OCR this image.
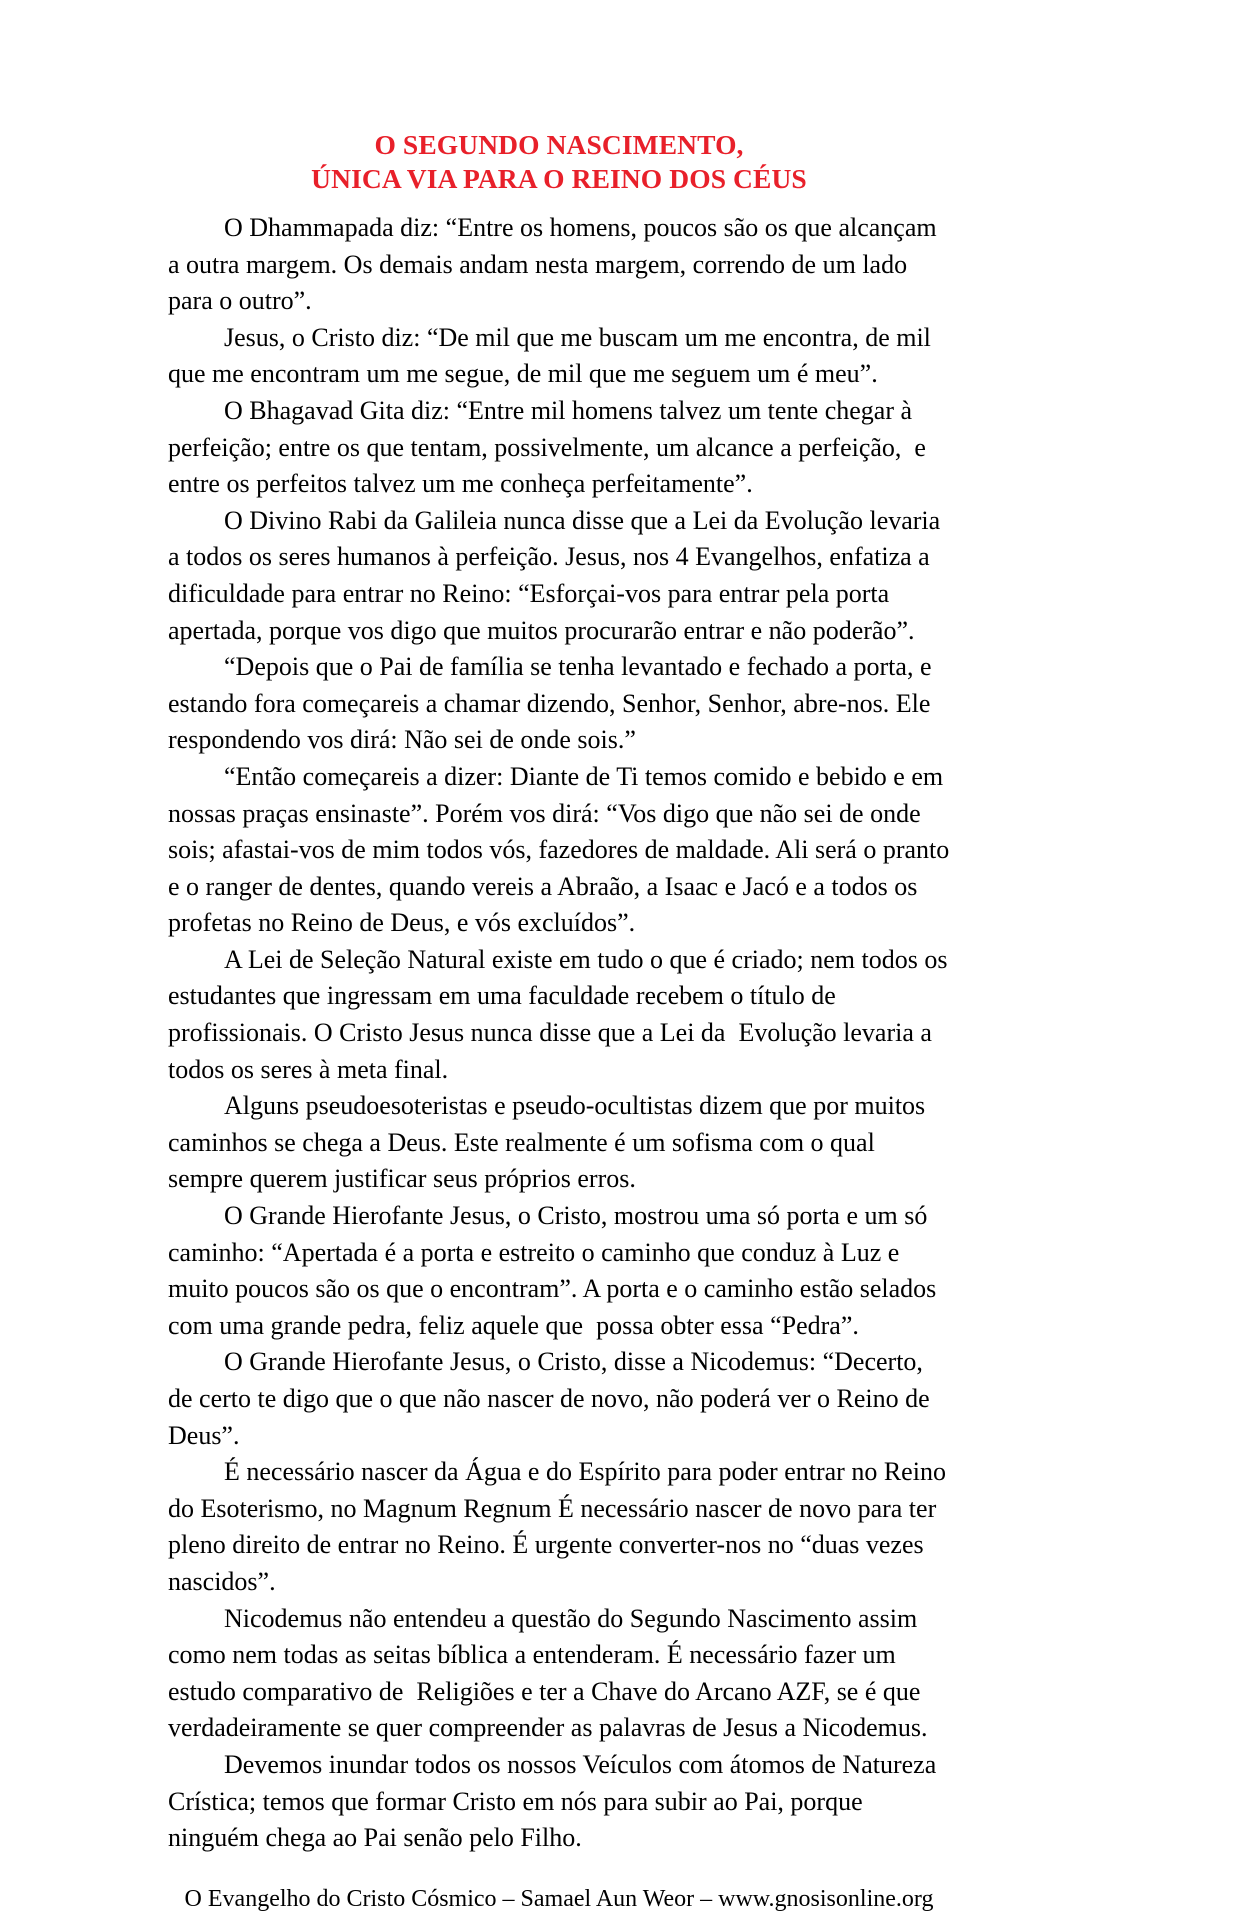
O SEGUNDO NASCIMENTO,
ÚNICA VIA PARA O REINO DOS CÉUS

O Dhammapada diz: “Entre os homens, poucos são os que alcançam a outra margem. Os demais andam nesta margem, correndo de um lado para o outro”.

Jesus, o Cristo diz: “De mil que me buscam um me encontra, de mil que me encontram um me segue, de mil que me seguem um é meu”.

O Bhagavad Gita diz: “Entre mil homens talvez um tente chegar à perfeição; entre os que tentam, possivelmente, um alcance a perfeição,  e entre os perfeitos talvez um me conheça perfeitamente”.

O Divino Rabi da Galileia nunca disse que a Lei da Evolução levaria a todos os seres humanos à perfeição. Jesus, nos 4 Evangelhos, enfatiza a dificuldade para entrar no Reino: “Esforçai-vos para entrar pela porta apertada, porque vos digo que muitos procurarão entrar e não poderão”.

“Depois que o Pai de família se tenha levantado e fechado a porta, e estando fora começareis a chamar dizendo, Senhor, Senhor, abre-nos. Ele respondendo vos dirá: Não sei de onde sois.”

“Então começareis a dizer: Diante de Ti temos comido e bebido e em nossas praças ensinaste”. Porém vos dirá: “Vos digo que não sei de onde sois; afastai-vos de mim todos vós, fazedores de maldade. Ali será o pranto e o ranger de dentes, quando vereis a Abraão, a Isaac e Jacó e a todos os profetas no Reino de Deus, e vós excluídos”.

A Lei de Seleção Natural existe em tudo o que é criado; nem todos os estudantes que ingressam em uma faculdade recebem o título de profissionais. O Cristo Jesus nunca disse que a Lei da  Evolução levaria a todos os seres à meta final.

Alguns pseudoesoteristas e pseudo-ocultistas dizem que por muitos caminhos se chega a Deus. Este realmente é um sofisma com o qual sempre querem justificar seus próprios erros.

O Grande Hierofante Jesus, o Cristo, mostrou uma só porta e um só caminho: “Apertada é a porta e estreito o caminho que conduz à Luz e muito poucos são os que o encontram”. A porta e o caminho estão selados com uma grande pedra, feliz aquele que  possa obter essa “Pedra”.

O Grande Hierofante Jesus, o Cristo, disse a Nicodemus: “Decerto, de certo te digo que o que não nascer de novo, não poderá ver o Reino de Deus”.

É necessário nascer da Água e do Espírito para poder entrar no Reino do Esoterismo, no Magnum Regnum É necessário nascer de novo para ter pleno direito de entrar no Reino. É urgente converter-nos no “duas vezes nascidos”.

Nicodemus não entendeu a questão do Segundo Nascimento assim como nem todas as seitas bíblica a entenderam. É necessário fazer um estudo comparativo de  Religiões e ter a Chave do Arcano AZF, se é que verdadeiramente se quer compreender as palavras de Jesus a Nicodemus.

Devemos inundar todos os nossos Veículos com átomos de Natureza Crística; temos que formar Cristo em nós para subir ao Pai, porque ninguém chega ao Pai senão pelo Filho.

O Evangelho do Cristo Cósmico – Samael Aun Weor – www.gnosisonline.org
